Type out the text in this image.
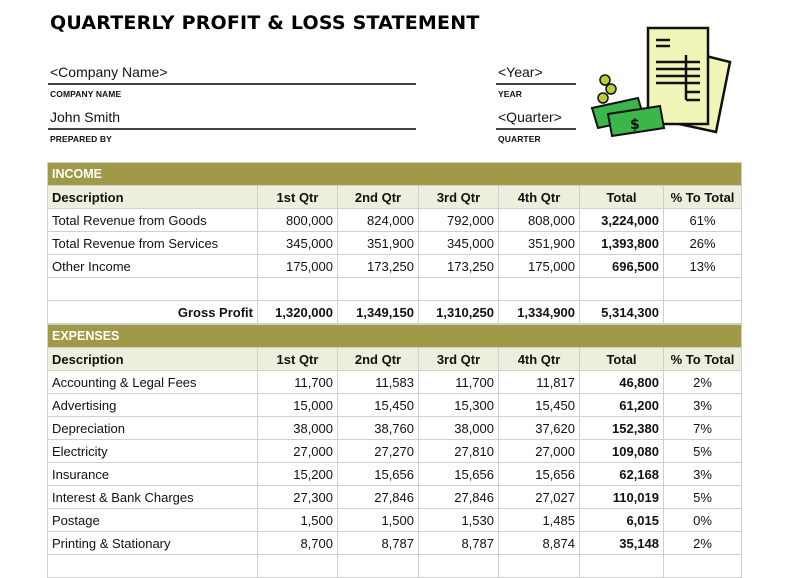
QUARTERLY PROFIT & LOSS STATEMENT
<Company Name>
COMPANY NAME
John Smith
PREPARED BY
<Year>
YEAR
<Quarter>
QUARTER
$
INCOME						
Description	1st Qtr	2nd Qtr	3rd Qtr	4th Qtr	Total	% To Total
Total Revenue from Goods	800,000	824,000	792,000	808,000	3,224,000	61%
Total Revenue from Services	345,000	351,900	345,000	351,900	1,393,800	26%
Other Income	175,000	173,250	173,250	175,000	696,500	13%

Gross Profit	1,320,000	1,349,150	1,310,250	1,334,900	5,314,300	
EXPENSES						
Description	1st Qtr	2nd Qtr	3rd Qtr	4th Qtr	Total	% To Total
Accounting & Legal Fees	11,700	11,583	11,700	11,817	46,800	2%
Advertising	15,000	15,450	15,300	15,450	61,200	3%
Depreciation	38,000	38,760	38,000	37,620	152,380	7%
Electricity	27,000	27,270	27,810	27,000	109,080	5%
Insurance	15,200	15,656	15,656	15,656	62,168	3%
Interest & Bank Charges	27,300	27,846	27,846	27,027	110,019	5%
Postage	1,500	1,500	1,530	1,485	6,015	0%
Printing & Stationary	8,700	8,787	8,787	8,874	35,148	2%
